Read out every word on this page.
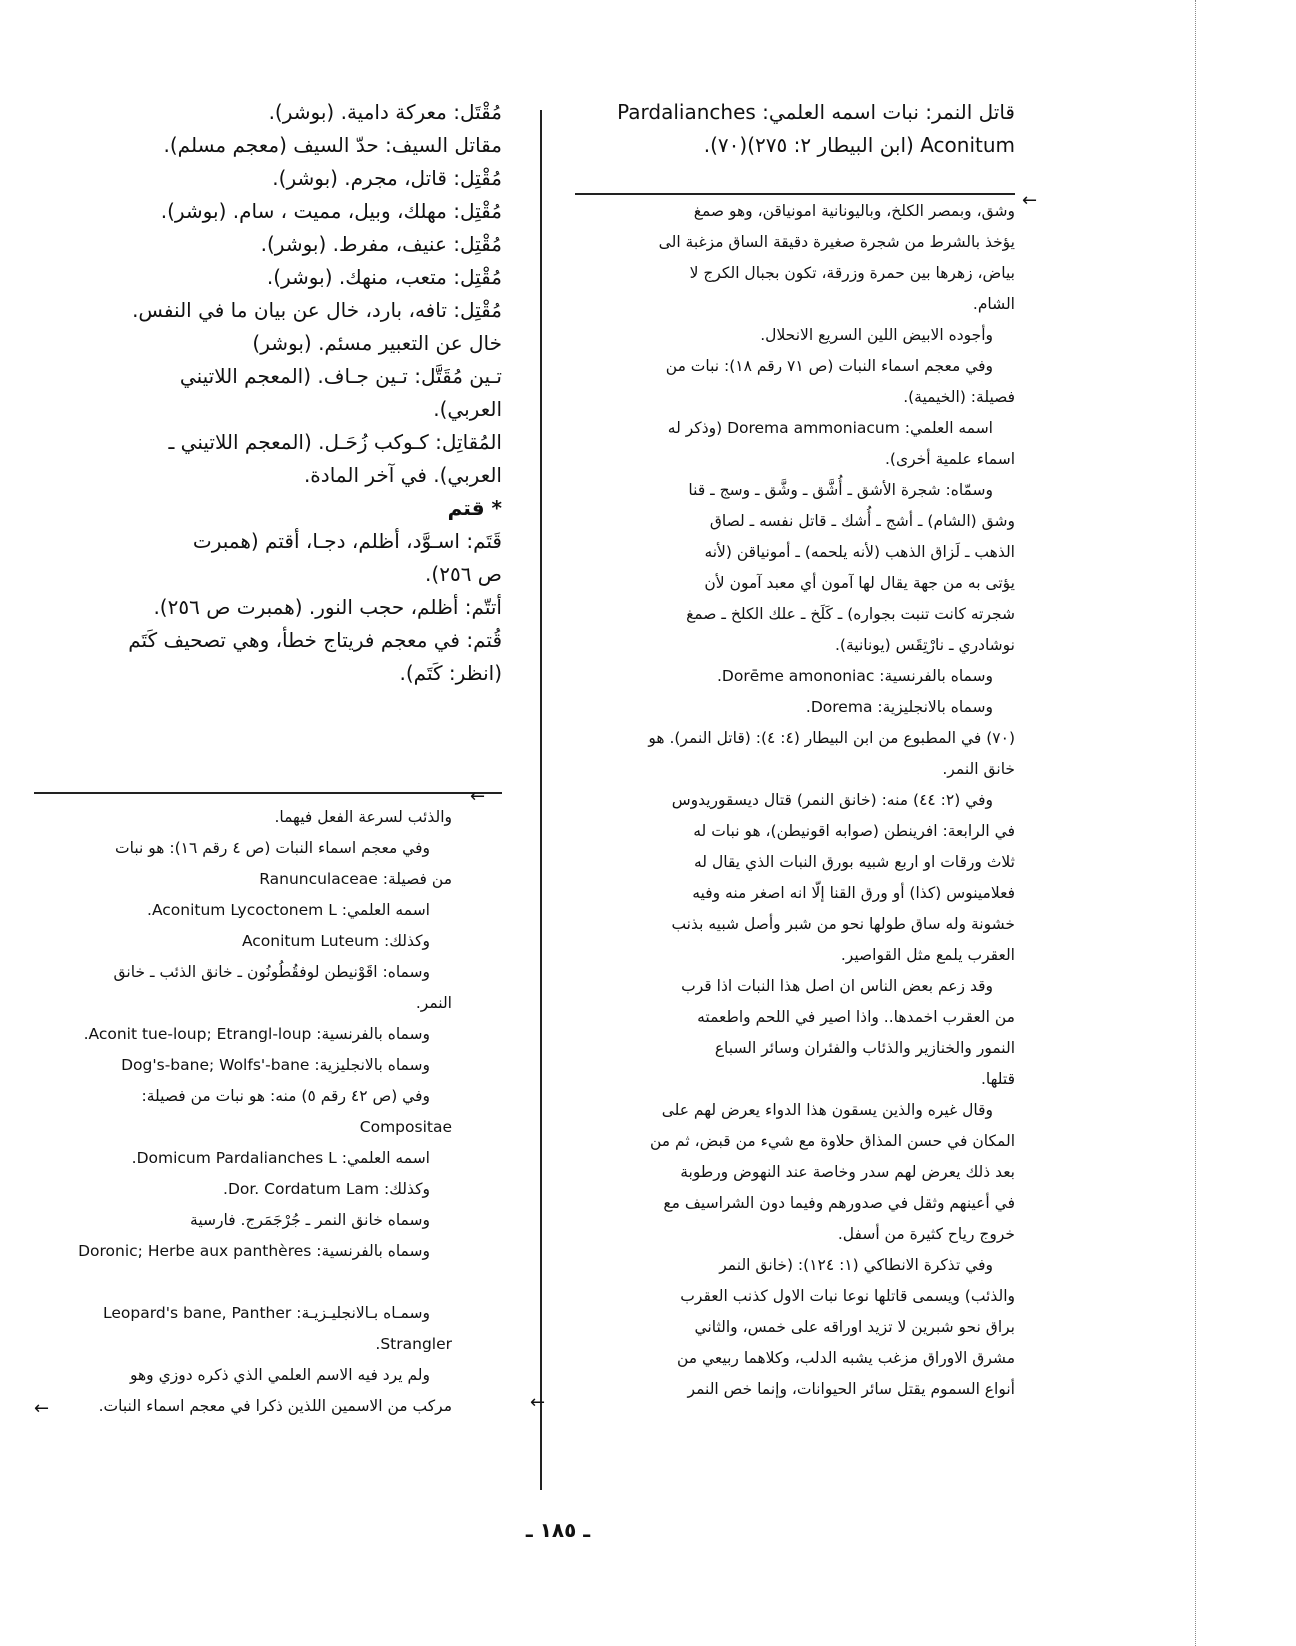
قاتل النمر: نبات اسمه العلمي: Pardalianches

Aconitum (ابن البيطار ٢: ٢٧٥)(٧٠).

←

وشق، وبمصر الكلخ، وباليونانية امونياقن، وهو صمغ

يؤخذ بالشرط من شجرة صغيرة دقيقة الساق مزغبة الى

بياض، زهرها بين حمرة وزرقة، تكون بجبال الكرج لا

الشام.

وأجوده الابيض اللين السريع الانحلال.

وفي معجم اسماء النبات (ص ٧١ رقم ١٨): نبات من

فصيلة: (الخيمية).

اسمه العلمي: Dorema ammoniacum (وذكر له

اسماء علمية أخرى).

وسمّاه: شجرة الأشق ـ أُشَّق ـ وشَّق ـ وسج ـ قنا

وشق (الشام) ـ أشج ـ أُشك ـ قاتل نفسه ـ لصاق

الذهب ـ لَزاق الذهب (لأنه يلحمه) ـ أمونياقن (لأنه

يؤتى به من جهة يقال لها آمون أي معبد آمون لأن

شجرته كانت تنبت بجواره) ـ كَلَخ ـ علك الكلخ ـ صمغ

نوشادري ـ نارْتِقَس (يونانية).

وسماه بالفرنسية: Dorēme amononiac.

وسماه بالانجليزية: Dorema.

(٧٠) في المطبوع من ابن البيطار (٤: ٤): (قاتل النمر). هو

خانق النمر.

وفي (٢: ٤٤) منه: (خانق النمر) قتال ديسقوريدوس

في الرابعة: افرينطن (صوابه اقونيطن)، هو نبات له

ثلاث ورقات او اربع شبيه بورق النبات الذي يقال له

فعلامينوس (كذا) أو ورق القنا إلّا انه اصغر منه وفيه

خشونة وله ساق طولها نحو من شبر وأصل شبيه بذنب

العقرب يلمع مثل القواصير.

وقد زعم بعض الناس ان اصل هذا النبات اذا قرب

من العقرب اخمدها.. واذا اصير في اللحم واطعمته

النمور والخنازير والذئاب والفئران وسائر السباع

قتلها.

وقال غيره والذين يسقون هذا الدواء يعرض لهم على

المكان في حسن المذاق حلاوة مع شيء من قبض، ثم من

بعد ذلك يعرض لهم سدر وخاصة عند النهوض ورطوبة

في أعينهم وثقل في صدورهم وفيما دون الشراسيف مع

خروج رياح كثيرة من أسفل.

وفي تذكرة الانطاكي (١: ١٢٤): (خانق النمر

والذئب) ويسمى قاتلها نوعا نبات الاول كذنب العقرب

براق نحو شبرين لا تزيد اوراقه على خمس، والثاني

مشرق الاوراق مزغب يشبه الدلب، وكلاهما ربيعي من

أنواع السموم يقتل سائر الحيوانات، وإنما خص النمر

←

مُقْتَل: معركة دامية. (بوشر).

مقاتل السيف: حدّ السيف (معجم مسلم).

مُقْتِل: قاتل، مجرم. (بوشر).

مُقْتِل: مهلك، وبيل، مميت ، سام. (بوشر).

مُقْتِل: عنيف، مفرط. (بوشر).

مُقْتِل: متعب، منهك. (بوشر).

مُقْتِل: تافه، بارد، خال عن بيان ما في النفس.

خال عن التعبير مسئم. (بوشر)

تـين مُقَتَّل: تـين جـاف. (المعجم اللاتيني

العربي).

المُقاتِل: كـوكب زُحَـل. (المعجم اللاتيني ـ

العربي). في آخر المادة.

* قتم

قَتَم: اسـوَّد، أظلم، دجـا، أقتم (همبرت

ص ٢٥٦).

أتتّم: أظلم، حجب النور. (همبرت ص ٢٥٦).

قُتم: في معجم فريتاج خطأ، وهي تصحيف كَتَم

(انظر: كَتَم).

←

والذئب لسرعة الفعل فيهما.

وفي معجم اسماء النبات (ص ٤ رقم ١٦): هو نبات

من فصيلة: Ranunculaceae

اسمه العلمي: Aconitum Lycoctonem L.

وكذلك: Aconitum Luteum

وسماه: اقَوْنيطن لوفقُطُونُون ـ خانق الذئب ـ خانق

النمر.

وسماه بالفرنسية: Aconit tue-loup; Etrangl-loup.

وسماه بالانجليزية: Dog's-bane; Wolfs'-bane

وفي (ص ٤٢ رقم ٥) منه: هو نبات من فصيلة:

Compositae

اسمه العلمي: Domicum Pardalianches L.

وكذلك: Dor. Cordatum Lam.

وسماه خانق النمر ـ جُرْجَمَرج. فارسية

وسماه بالفرنسية: Doronic; Herbe aux panthères

وسمـاه بـالانجليـزيـة: Leopard's bane, Panther

Strangler.

ولم يرد فيه الاسم العلمي الذي ذكره دوزي وهو

مركب من الاسمين اللذين ذكرا في معجم اسماء النبات.

←
ـ ١٨٥ ـ
